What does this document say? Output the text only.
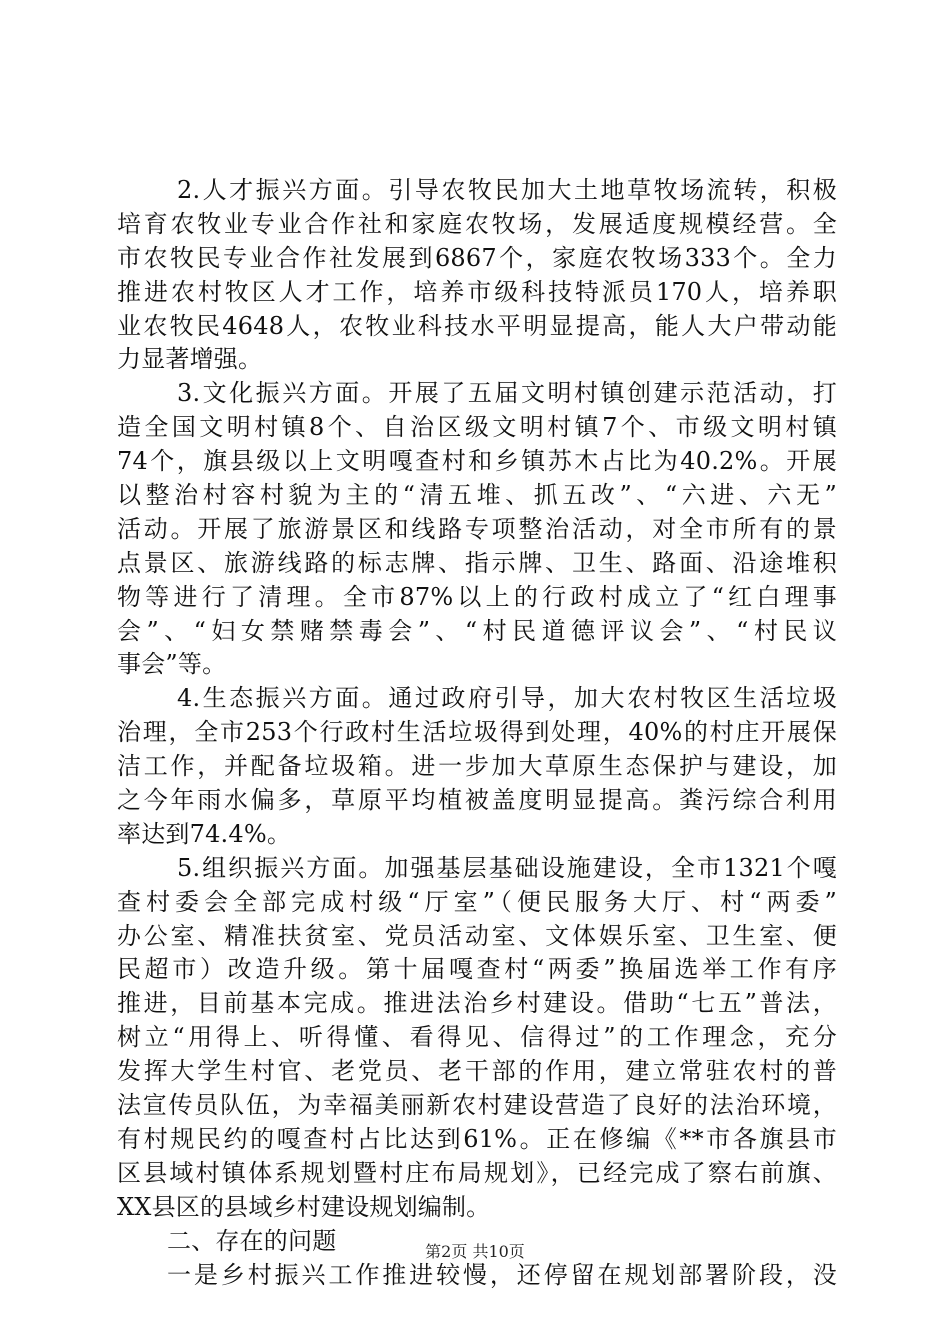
2.人才振兴方面。引导农牧民加大土地草牧场流转，积极
培育农牧业专业合作社和家庭农牧场，发展适度规模经营。全
市农牧民专业合作社发展到6867个，家庭农牧场333个。全力
推进农村牧区人才工作，培养市级科技特派员170人，培养职
业农牧民4648人，农牧业科技水平明显提高，能人大户带动能
力显著增强。
3.文化振兴方面。开展了五届文明村镇创建示范活动，打
造全国文明村镇8个、自治区级文明村镇7个、市级文明村镇
74个，旗县级以上文明嘎查村和乡镇苏木占比为40.2%。开展
以整治村容村貌为主的“清五堆、抓五改”、“六进、六无”
活动。开展了旅游景区和线路专项整治活动，对全市所有的景
点景区、旅游线路的标志牌、指示牌、卫生、路面、沿途堆积
物等进行了清理。全市87%以上的行政村成立了“红白理事
会”、“妇女禁赌禁毒会”、“村民道德评议会”、“村民议
事会”等。
4.生态振兴方面。通过政府引导，加大农村牧区生活垃圾
治理，全市253个行政村生活垃圾得到处理，40%的村庄开展保
洁工作，并配备垃圾箱。进一步加大草原生态保护与建设，加
之今年雨水偏多，草原平均植被盖度明显提高。粪污综合利用
率达到74.4%。
5.组织振兴方面。加强基层基础设施建设，全市1321个嘎
查村委会全部完成村级“厅室”（便民服务大厅、村“两委”
办公室、精准扶贫室、党员活动室、文体娱乐室、卫生室、便
民超市）改造升级。第十届嘎查村“两委”换届选举工作有序
推进，目前基本完成。推进法治乡村建设。借助“七五”普法，
树立“用得上、听得懂、看得见、信得过”的工作理念，充分
发挥大学生村官、老党员、老干部的作用，建立常驻农村的普
法宣传员队伍，为幸福美丽新农村建设营造了良好的法治环境，
有村规民约的嘎查村占比达到61%。正在修编《**市各旗县市
区县域村镇体系规划暨村庄布局规划》，已经完成了察右前旗、
XX县区的县域乡村建设规划编制。
二、存在的问题
一是乡村振兴工作推进较慢，还停留在规划部署阶段，没
第2页 共10页
